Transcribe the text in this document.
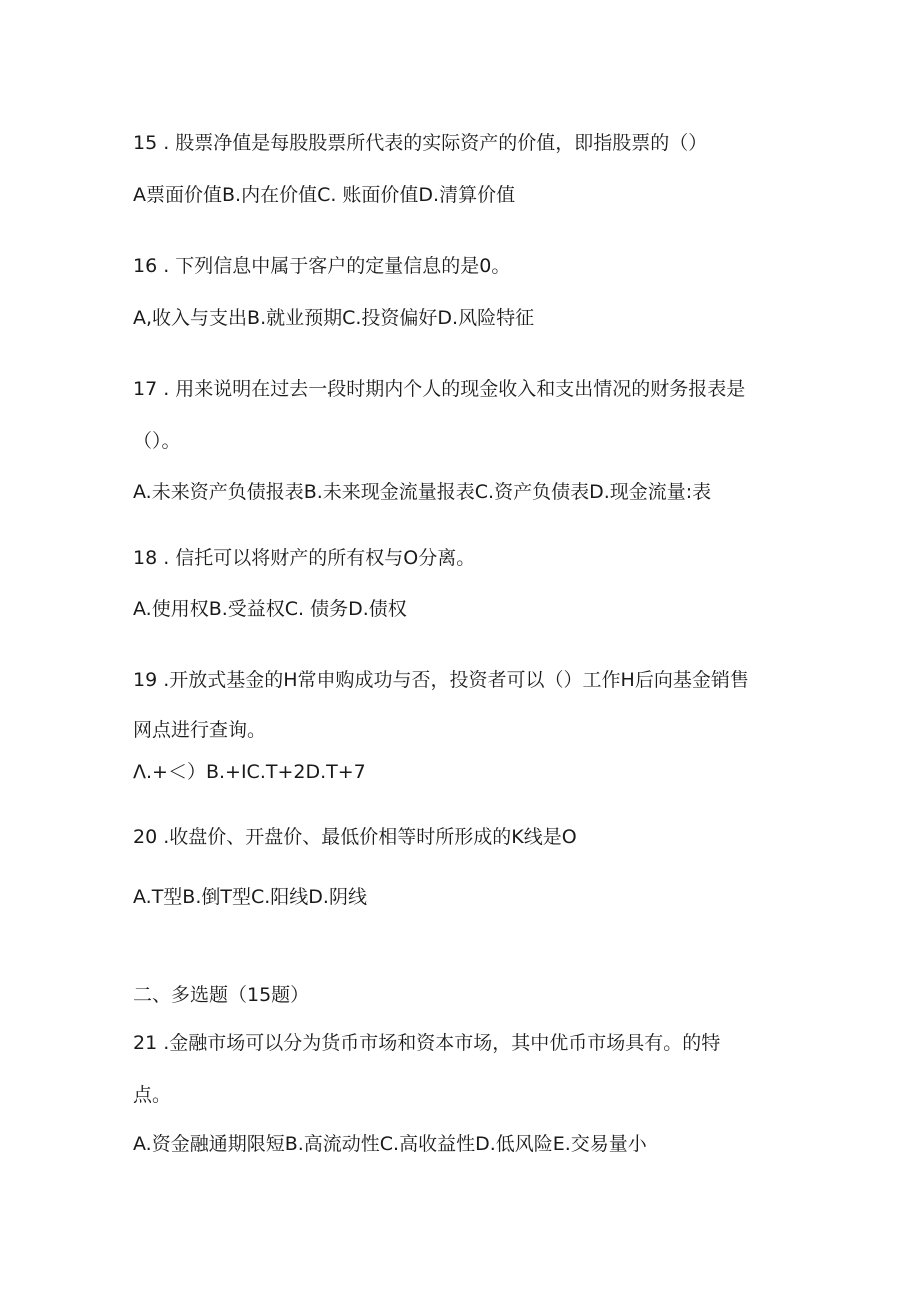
15 . 股票净值是每股股票所代表的实际资产的价值，即指股票的（）
A票面价值B.内在价值C. 账面价值D.清算价值
16 . 下列信息中属于客户的定量信息的是0。
A,收入与支出B.就业预期C.投资偏好D.风险特征
17 . 用来说明在过去一段时期内个人的现金收入和支出情况的财务报表是
（）。
A.未来资产负债报表B.未来现金流量报表C.资产负债表D.现金流量:表
18 . 信托可以将财产的所有权与O分离。
A.使用权B.受益权C. 债务D.债权
19 .开放式基金的H常申购成功与否，投资者可以（）工作H后向基金销售
网点进行查询。
Λ.+＜）B.+IC.T+2D.T+7
20 .收盘价、开盘价、最低价相等时所形成的K线是O
A.T型B.倒T型C.阳线D.阴线
二、多选题（15题）
21 .金融市场可以分为货币市场和资本市场，其中优币市场具有。的特
点。
A.资金融通期限短B.高流动性C.高收益性D.低风险E.交易量小
